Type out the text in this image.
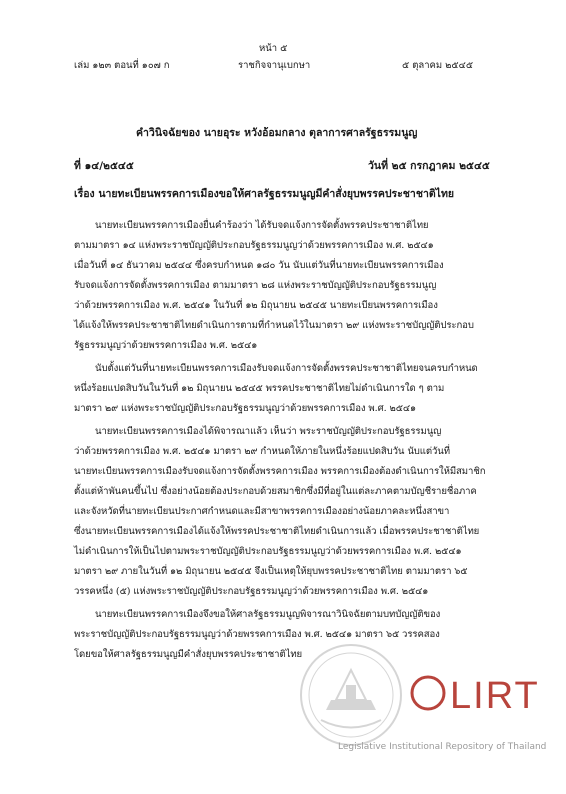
หน้า ๕
เล่ม ๑๒๓ ตอนที่ ๑๐๗ ก	ราชกิจจานุเบกษา	๕ ตุลาคม ๒๕๔๕
คำวินิจฉัยของ นายอุระ หวังอ้อมกลาง ตุลาการศาลรัฐธรรมนูญ
ที่ ๑๔/๒๕๔๕	วันที่ ๒๕ กรกฎาคม ๒๕๔๕
เรื่อง นายทะเบียนพรรคการเมืองขอให้ศาลรัฐธรรมนูญมีคำสั่งยุบพรรคประชาชาติไทย
นายทะเบียนพรรคการเมืองยื่นคำร้องว่า ได้รับจดแจ้งการจัดตั้งพรรคประชาชาติไทย
ตามมาตรา ๑๔ แห่งพระราชบัญญัติประกอบรัฐธรรมนูญว่าด้วยพรรคการเมือง พ.ศ. ๒๕๔๑
เมื่อวันที่ ๑๔ ธันวาคม ๒๕๔๔ ซึ่งครบกำหนด ๑๘๐ วัน นับแต่วันที่นายทะเบียนพรรคการเมือง
รับจดแจ้งการจัดตั้งพรรคการเมือง ตามมาตรา ๒๘ แห่งพระราชบัญญัติประกอบรัฐธรรมนูญ
ว่าด้วยพรรคการเมือง พ.ศ. ๒๕๔๑ ในวันที่ ๑๒ มิถุนายน ๒๕๔๕ นายทะเบียนพรรคการเมือง
ได้แจ้งให้พรรคประชาชาติไทยดำเนินการตามที่กำหนดไว้ในมาตรา ๒๙ แห่งพระราชบัญญัติประกอบ
รัฐธรรมนูญว่าด้วยพรรคการเมือง พ.ศ. ๒๕๔๑
นับตั้งแต่วันที่นายทะเบียนพรรคการเมืองรับจดแจ้งการจัดตั้งพรรคประชาชาติไทยจนครบกำหนด
หนึ่งร้อยแปดสิบวันในวันที่ ๑๒ มิถุนายน ๒๕๔๕ พรรคประชาชาติไทยไม่ดำเนินการใด ๆ ตาม
มาตรา ๒๙ แห่งพระราชบัญญัติประกอบรัฐธรรมนูญว่าด้วยพรรคการเมือง พ.ศ. ๒๕๔๑
นายทะเบียนพรรคการเมืองได้พิจารณาแล้ว เห็นว่า พระราชบัญญัติประกอบรัฐธรรมนูญ
ว่าด้วยพรรคการเมือง พ.ศ. ๒๕๔๑ มาตรา ๒๙ กำหนดให้ภายในหนึ่งร้อยแปดสิบวัน นับแต่วันที่
นายทะเบียนพรรคการเมืองรับจดแจ้งการจัดตั้งพรรคการเมือง พรรคการเมืองต้องดำเนินการให้มีสมาชิก
ตั้งแต่ห้าพันคนขึ้นไป ซึ่งอย่างน้อยต้องประกอบด้วยสมาชิกซึ่งมีที่อยู่ในแต่ละภาคตามบัญชีรายชื่อภาค
และจังหวัดที่นายทะเบียนประกาศกำหนดและมีสาขาพรรคการเมืองอย่างน้อยภาคละหนึ่งสาขา
ซึ่งนายทะเบียนพรรคการเมืองได้แจ้งให้พรรคประชาชาติไทยดำเนินการแล้ว เมื่อพรรคประชาชาติไทย
ไม่ดำเนินการให้เป็นไปตามพระราชบัญญัติประกอบรัฐธรรมนูญว่าด้วยพรรคการเมือง พ.ศ. ๒๕๔๑
มาตรา ๒๙ ภายในวันที่ ๑๒ มิถุนายน ๒๕๔๕ จึงเป็นเหตุให้ยุบพรรคประชาชาติไทย ตามมาตรา ๖๕
วรรคหนึ่ง (๕) แห่งพระราชบัญญัติประกอบรัฐธรรมนูญว่าด้วยพรรคการเมือง พ.ศ. ๒๕๔๑
นายทะเบียนพรรคการเมืองจึงขอให้ศาลรัฐธรรมนูญพิจารณาวินิจฉัยตามบทบัญญัติของ
พระราชบัญญัติประกอบรัฐธรรมนูญว่าด้วยพรรคการเมือง พ.ศ. ๒๕๔๑ มาตรา ๖๕ วรรคสอง
โดยขอให้ศาลรัฐธรรมนูญมีคำสั่งยุบพรรคประชาชาติไทย
LIRT
Legislative Institutional Repository of Thailand
